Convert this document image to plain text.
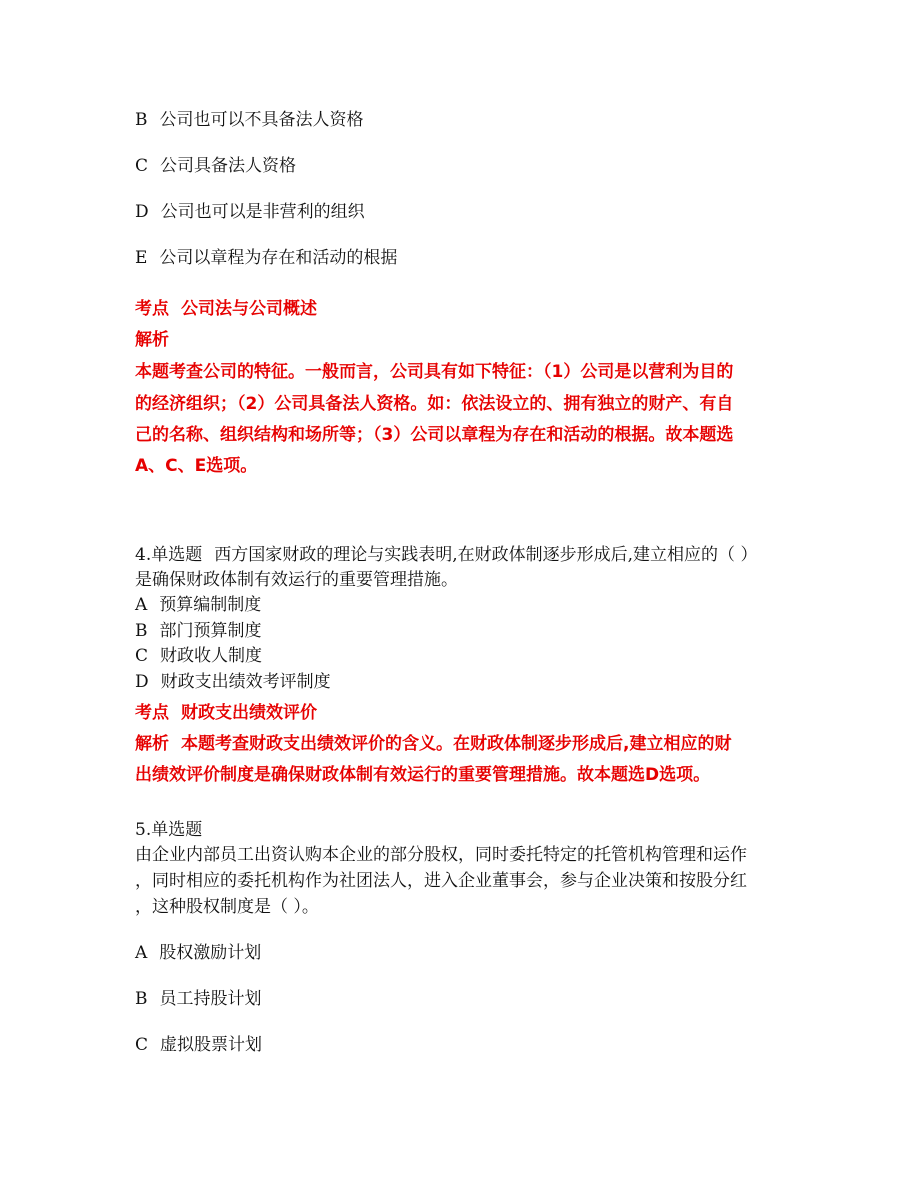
B 公司也可以不具备法人资格
C 公司具备法人资格
D 公司也可以是非营利的组织
E 公司以章程为存在和活动的根据
考点 公司法与公司概述
解析
本题考查公司的特征。一般而言，公司具有如下特征：（1）公司是以营利为目的
的经济组织；（2）公司具备法人资格。如：依法设立的、拥有独立的财产、有自
己的名称、组织结构和场所等；（3）公司以章程为存在和活动的根据。故本题选
A、C、E选项。
4.单选题 西方国家财政的理论与实践表明,在财政体制逐步形成后,建立相应的（ ）
是确保财政体制有效运行的重要管理措施。
A 预算编制制度
B 部门预算制度
C 财政收人制度
D 财政支出绩效考评制度
考点 财政支出绩效评价
解析 本题考查财政支出绩效评价的含义。在财政体制逐步形成后,建立相应的财
出绩效评价制度是确保财政体制有效运行的重要管理措施。故本题选D选项。
5.单选题
由企业内部员工出资认购本企业的部分股权，同时委托特定的托管机构管理和运作
，同时相应的委托机构作为社团法人，进入企业董事会，参与企业决策和按股分红
，这种股权制度是（ ）。
A 股权激励计划
B 员工持股计划
C 虚拟股票计划
